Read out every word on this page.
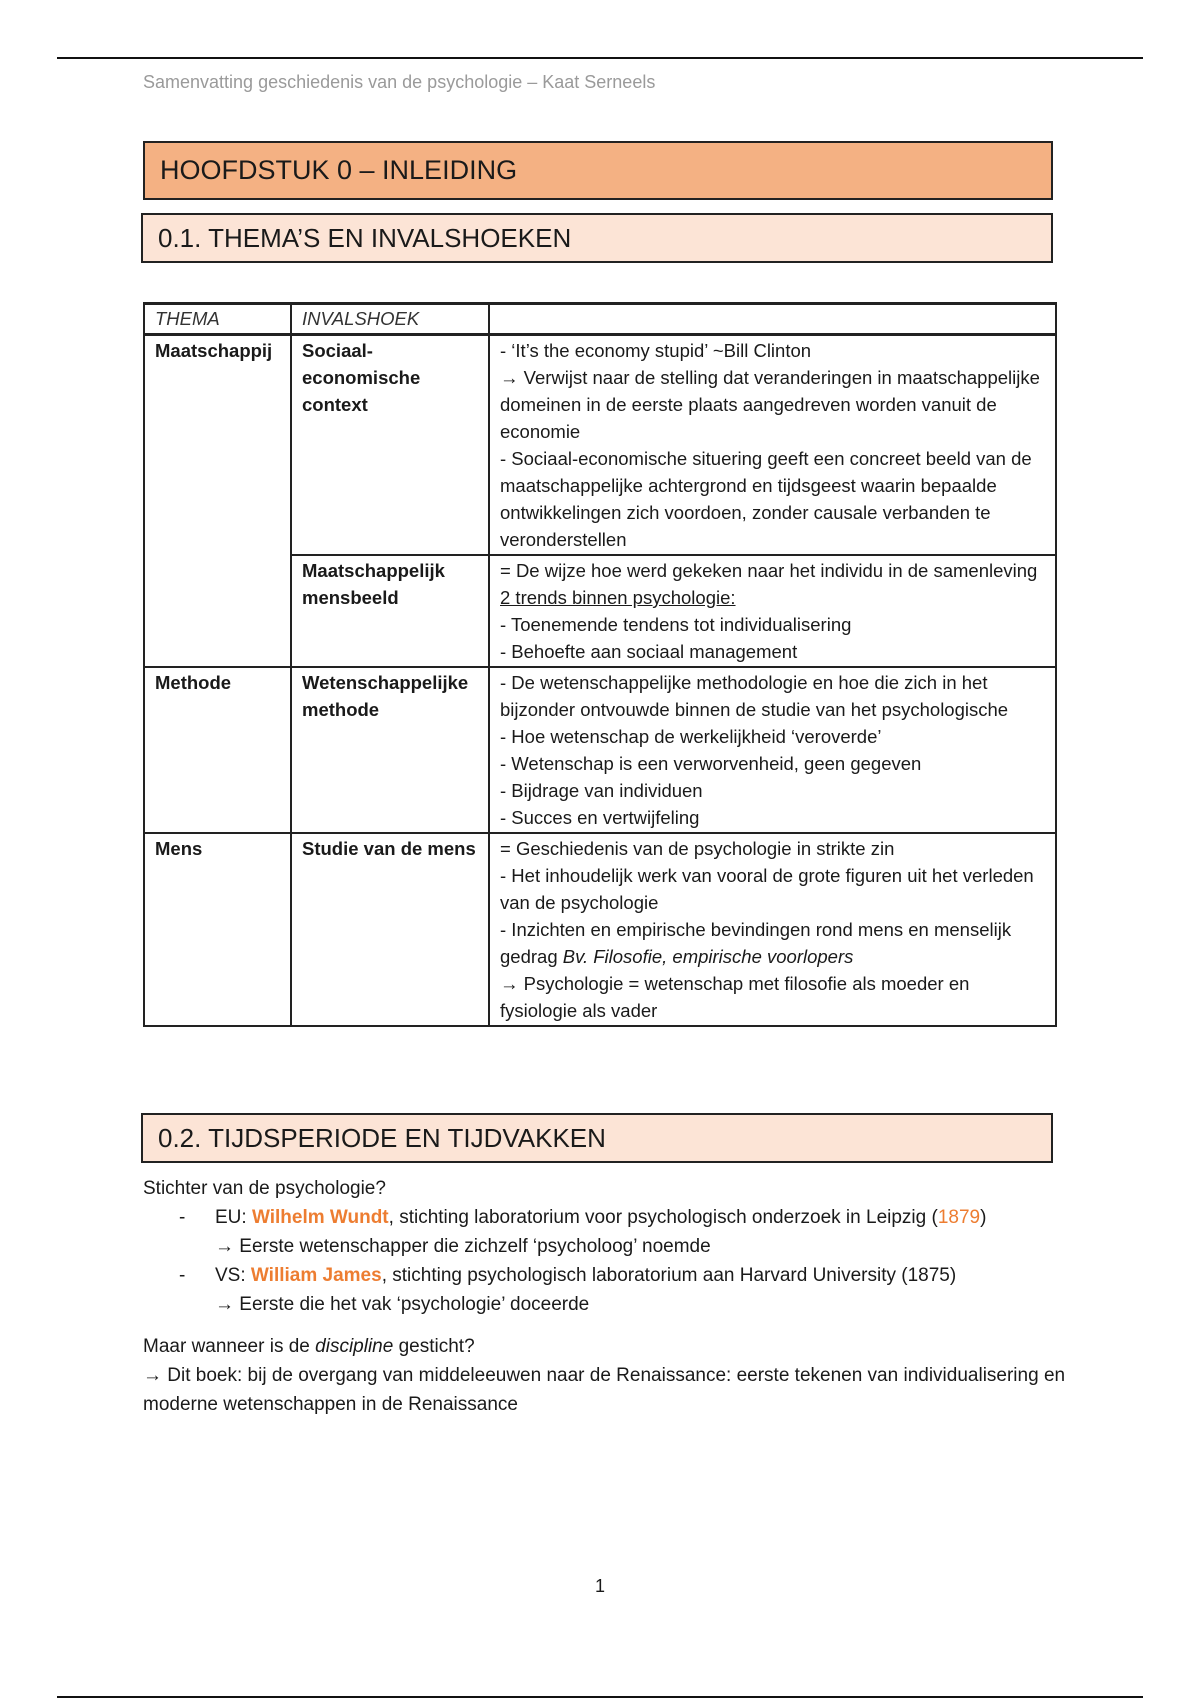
Samenvatting geschiedenis van de psychologie – Kaat Serneels
HOOFDSTUK 0 – INLEIDING
0.1. THEMA’S EN INVALSHOEKEN
THEMA	INVALSHOEK	
Maatschappij	Sociaal-economische context	- ‘It’s the economy stupid’ ~Bill Clinton
→ Verwijst naar de stelling dat veranderingen in maatschappelijke domeinen in de eerste plaats aangedreven worden vanuit de economie
- Sociaal-economische situering geeft een concreet beeld van de maatschappelijke achtergrond en tijdsgeest waarin bepaalde ontwikkelingen zich voordoen, zonder causale verbanden te veronderstellen

	Maatschappelijk mensbeeld	= De wijze hoe werd gekeken naar het individu in de samenleving
2 trends binnen psychologie:
- Toenemende tendens tot individualisering
- Behoefte aan sociaal management

Methode	Wetenschappelijke methode	- De wetenschappelijke methodologie en hoe die zich in het bijzonder ontvouwde binnen de studie van het psychologische
- Hoe wetenschap de werkelijkheid ‘veroverde’
- Wetenschap is een verworvenheid, geen gegeven
- Bijdrage van individuen
- Succes en vertwijfeling

Mens	Studie van de mens	= Geschiedenis van de psychologie in strikte zin
- Het inhoudelijk werk van vooral de grote figuren uit het verleden van de psychologie
- Inzichten en empirische bevindingen rond mens en menselijk gedrag Bv. Filosofie, empirische voorlopers
→ Psychologie = wetenschap met filosofie als moeder en fysiologie als vader
0.2. TIJDSPERIODE EN TIJDVAKKEN
Stichter van de psychologie?
- EU: Wilhelm Wundt, stichting laboratorium voor psychologisch onderzoek in Leipzig (1879)
→ Eerste wetenschapper die zichzelf ‘psycholoog’ noemde
- VS: William James, stichting psychologisch laboratorium aan Harvard University (1875)
→ Eerste die het vak ‘psychologie’ doceerde
Maar wanneer is de discipline gesticht?
→ Dit boek: bij de overgang van middeleeuwen naar de Renaissance: eerste tekenen van individualisering en moderne wetenschappen in de Renaissance
1
